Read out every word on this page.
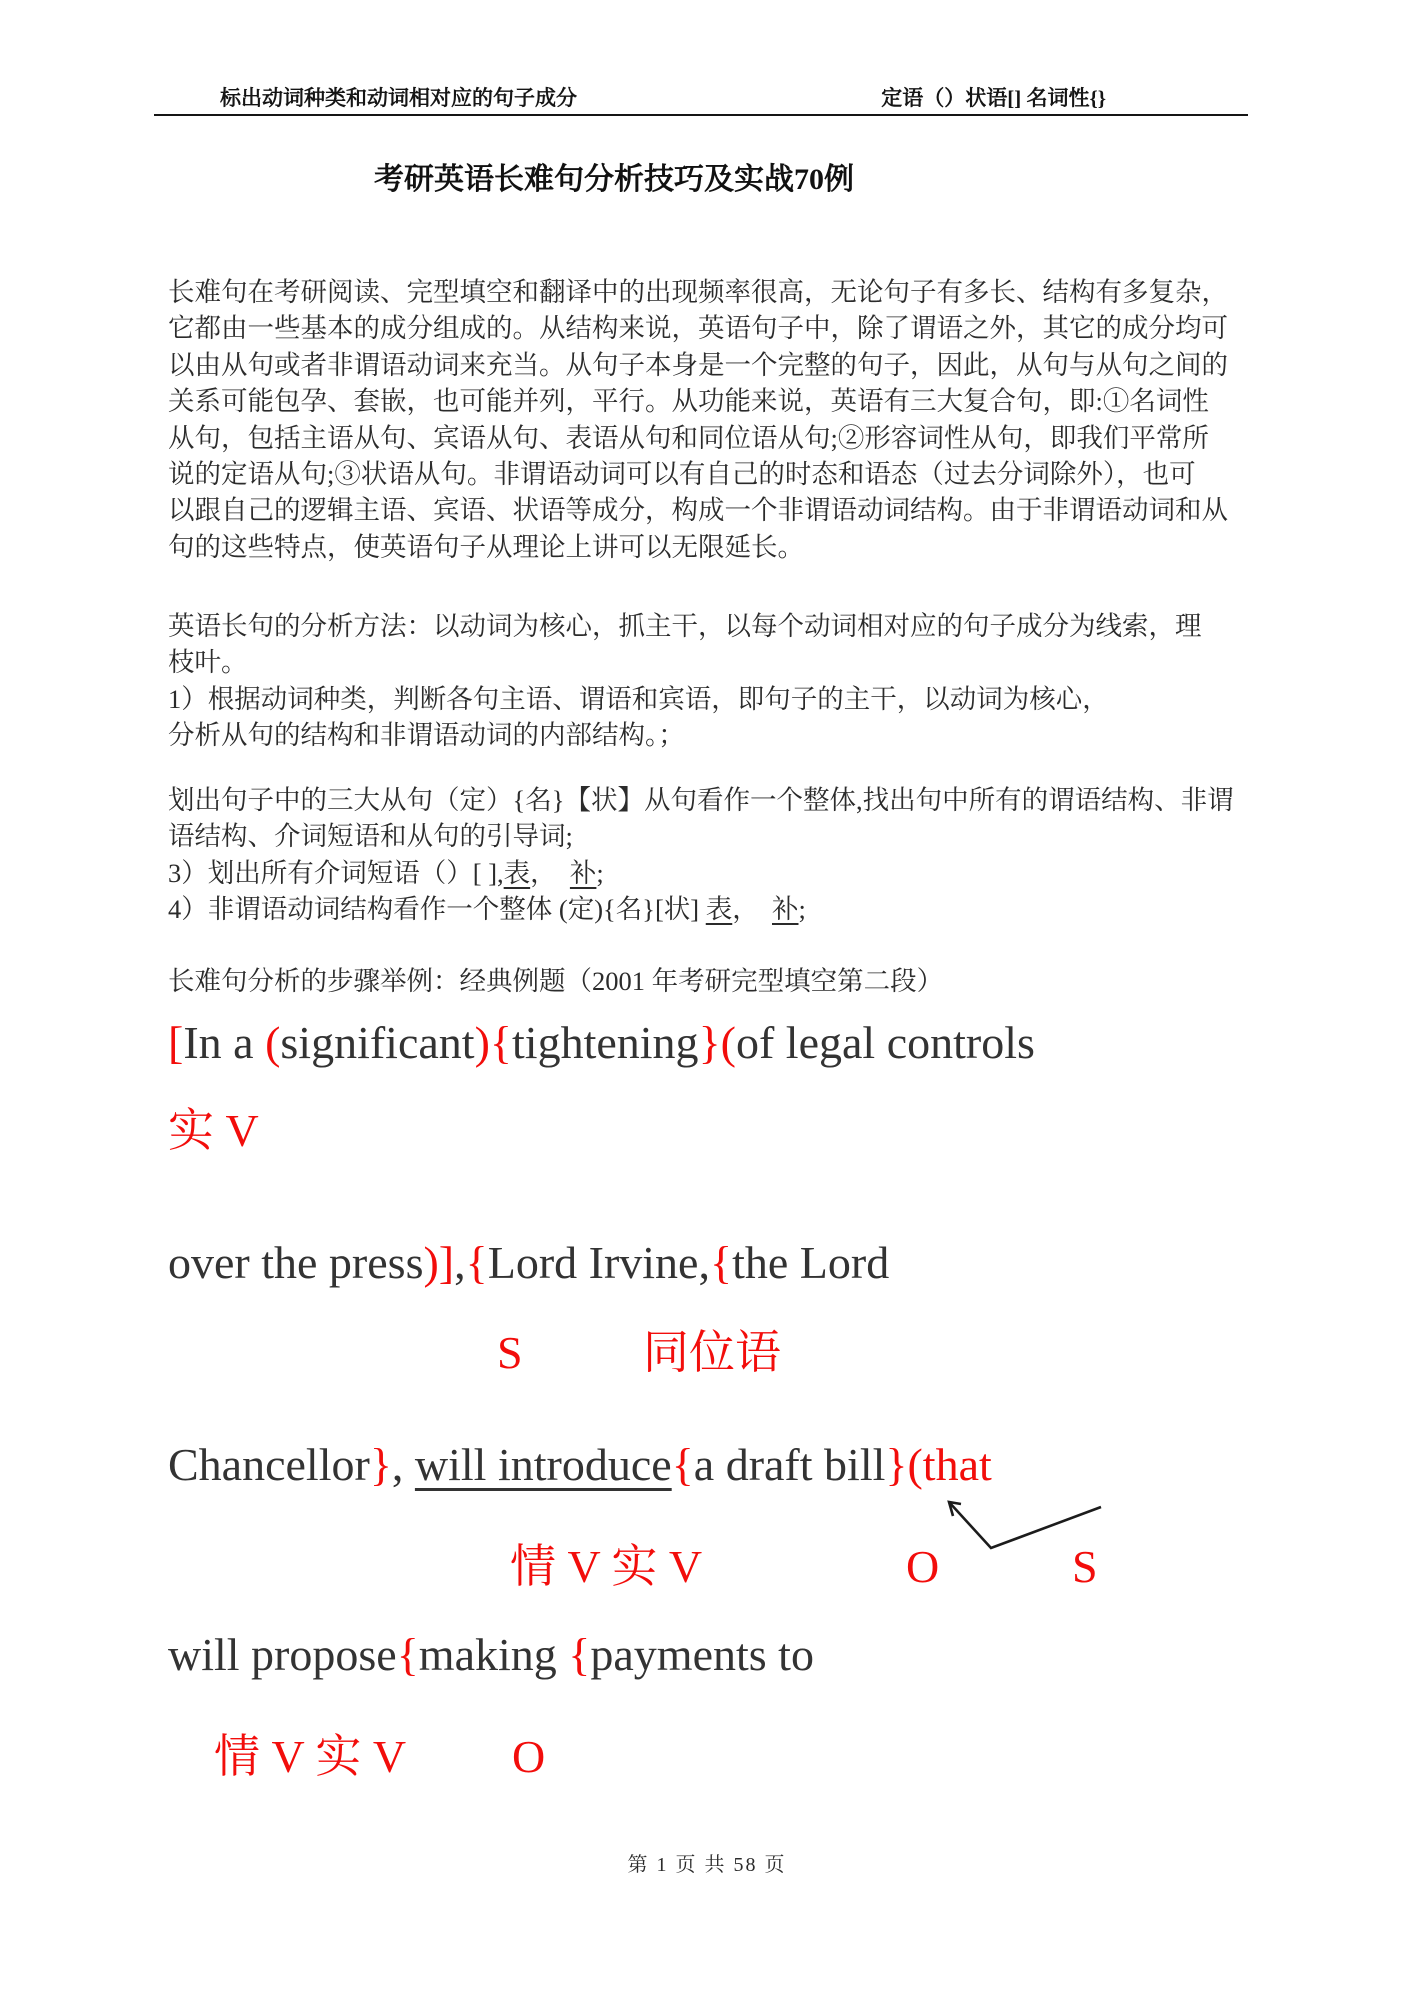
标出动词种类和动词相对应的句子成分	定语（）状语[] 名词性{}
考研英语长难句分析技巧及实战70例
长难句在考研阅读、完型填空和翻译中的出现频率很高，无论句子有多长、结构有多复杂，
它都由一些基本的成分组成的。从结构来说，英语句子中，除了谓语之外，其它的成分均可
以由从句或者非谓语动词来充当。从句子本身是一个完整的句子，因此，从句与从句之间的
关系可能包孕、套嵌，也可能并列，平行。从功能来说，英语有三大复合句，即:①名词性
从句，包括主语从句、宾语从句、表语从句和同位语从句;②形容词性从句，即我们平常所
说的定语从句;③状语从句。非谓语动词可以有自己的时态和语态（过去分词除外），也可
以跟自己的逻辑主语、宾语、状语等成分，构成一个非谓语动词结构。由于非谓语动词和从
句的这些特点，使英语句子从理论上讲可以无限延长。
英语长句的分析方法：以动词为核心，抓主干，以每个动词相对应的句子成分为线索，理
枝叶。
1）根据动词种类，判断各句主语、谓语和宾语，即句子的主干，以动词为核心，
分析从句的结构和非谓语动词的内部结构。；
划出句子中的三大从句（定）{名}【状】从句看作一个整体,找出句中所有的谓语结构、非谓
语结构、介词短语和从句的引导词;
3）划出所有介词短语（）[ ],表，　补;
4）非谓语动词结构看作一个整体 (定){名}[状] 表，　补;
长难句分析的步骤举例：经典例题（2001 年考研完型填空第二段）
[In a (significant){tightening}(of legal controls
实 V
over the press)],{Lord Irvine,{the Lord
S	同位语
Chancellor}, will introduce{a draft bill}(that
情 V 实 V	O	S
will propose{making {payments to
情 V 实 V O
第 1 页 共 58 页
